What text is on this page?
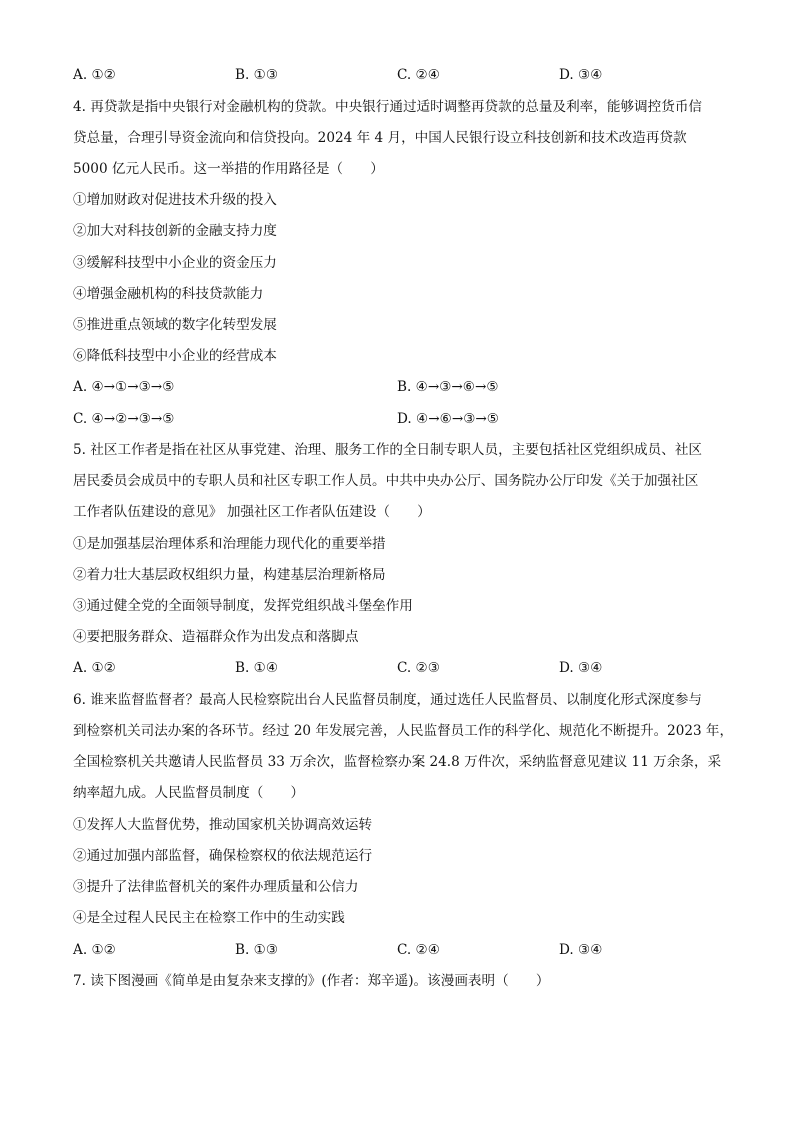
A. ①②	B. ①③	C. ②④	D. ③④
4. 再贷款是指中央银行对金融机构的贷款。中央银行通过适时调整再贷款的总量及利率，能够调控货币信
贷总量，合理引导资金流向和信贷投向。2024 年 4 月，中国人民银行设立科技创新和技术改造再贷款
5000 亿元人民币。这一举措的作用路径是（　　）
①增加财政对促进技术升级的投入
②加大对科技创新的金融支持力度
③缓解科技型中小企业的资金压力
④增强金融机构的科技贷款能力
⑤推进重点领域的数字化转型发展
⑥降低科技型中小企业的经营成本
A. ④→①→③→⑤	B. ④→③→⑥→⑤
C. ④→②→③→⑤	D. ④→⑥→③→⑤
5. 社区工作者是指在社区从事党建、治理、服务工作的全日制专职人员，主要包括社区党组织成员、社区
居民委员会成员中的专职人员和社区专职工作人员。中共中央办公厅、国务院办公厅印发《关于加强社区
工作者队伍建设的意见》 加强社区工作者队伍建设（　　）
①是加强基层治理体系和治理能力现代化的重要举措
②着力壮大基层政权组织力量，构建基层治理新格局
③通过健全党的全面领导制度，发挥党组织战斗堡垒作用
④要把服务群众、造福群众作为出发点和落脚点
A. ①②	B. ①④	C. ②③	D. ③④
6. 谁来监督监督者？最高人民检察院出台人民监督员制度，通过选任人民监督员、以制度化形式深度参与
到检察机关司法办案的各环节。经过 20 年发展完善，人民监督员工作的科学化、规范化不断提升。2023 年，
全国检察机关共邀请人民监督员 33 万余次，监督检察办案 24.8 万件次，采纳监督意见建议 11 万余条，采
纳率超九成。人民监督员制度（　　）
①发挥人大监督优势，推动国家机关协调高效运转
②通过加强内部监督，确保检察权的依法规范运行
③提升了法律监督机关的案件办理质量和公信力
④是全过程人民民主在检察工作中的生动实践
A. ①②	B. ①③	C. ②④	D. ③④
7. 读下图漫画《简单是由复杂来支撑的》(作者：郑辛遥)。该漫画表明（　　）
